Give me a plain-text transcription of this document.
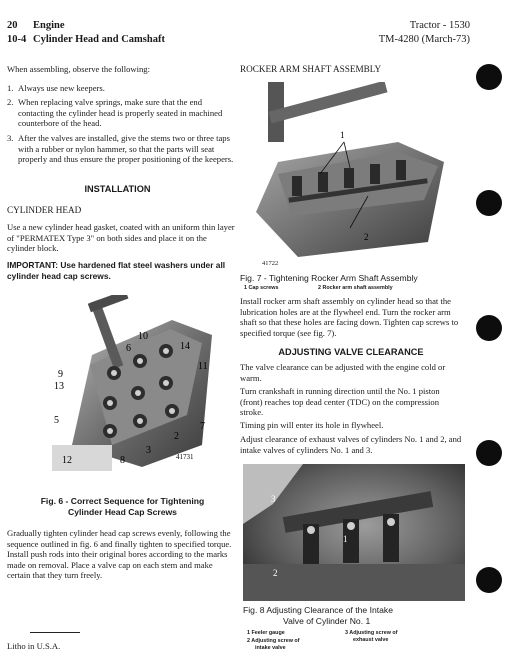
20 Engine
10-4 Cylinder Head and Camshaft
Tractor - 1530
TM-4280 (March-73)

When assembling, observe the following:

1. Always use new keepers.
2. When replacing valve springs, make sure that the end contacting the cylinder head is properly seated in machined counterbore of the head.
3. After the valves are installed, give the stems two or three taps with a rubber or nylon hammer, so that the parts will seat properly and thus ensure the proper positioning of the keepers.
INSTALLATION
CYLINDER HEAD

Use a new cylinder head gasket, coated with an uniform thin layer of "PERMATEX Type 3" on both sides and place it on the cylinder block.

IMPORTANT: Use hardened flat steel washers under all cylinder head cap screws.

10
6	14
9
13
11
5
7
2
3
12	8	41731
Fig. 6 - Correct Sequence for Tightening
Cylinder Head Cap Screws

Gradually tighten cylinder head cap screws evenly, following the sequence outlined in fig. 6 and finally tighten to specified torque. Install push rods into their original bores according to the marks made on removal. Place a valve cap on each stem and make certain that they turn freely.

Litho in U.S.A.
ROCKER ARM SHAFT ASSEMBLY
1
2
41722
Fig. 7 - Tightening Rocker Arm Shaft Assembly
1 Cap screws	2 Rocker arm shaft assembly

Install rocker arm shaft assembly on cylinder head so that the lubrication holes are at the flywheel end. Turn the rocker arm shaft so that these holes are facing down. Tighten cap screws to specified torque (see fig. 7).

ADJUSTING VALVE CLEARANCE

The valve clearance can be adjusted with the engine cold or warm.

Turn crankshaft in running direction until the No. 1 piston (front) reaches top dead center (TDC) on the compression stroke.

Timing pin will enter its hole in flywheel.

Adjust clearance of exhaust valves of cylinders No. 1 and 2, and intake valves of cylinders No. 1 and 3.

3
1
2
Fig. 8 Adjusting Clearance of the Intake
Valve of Cylinder No. 1
1 Feeler gauge
2 Adjusting screw of
intake valve
3 Adjusting screw of
exhaust valve
